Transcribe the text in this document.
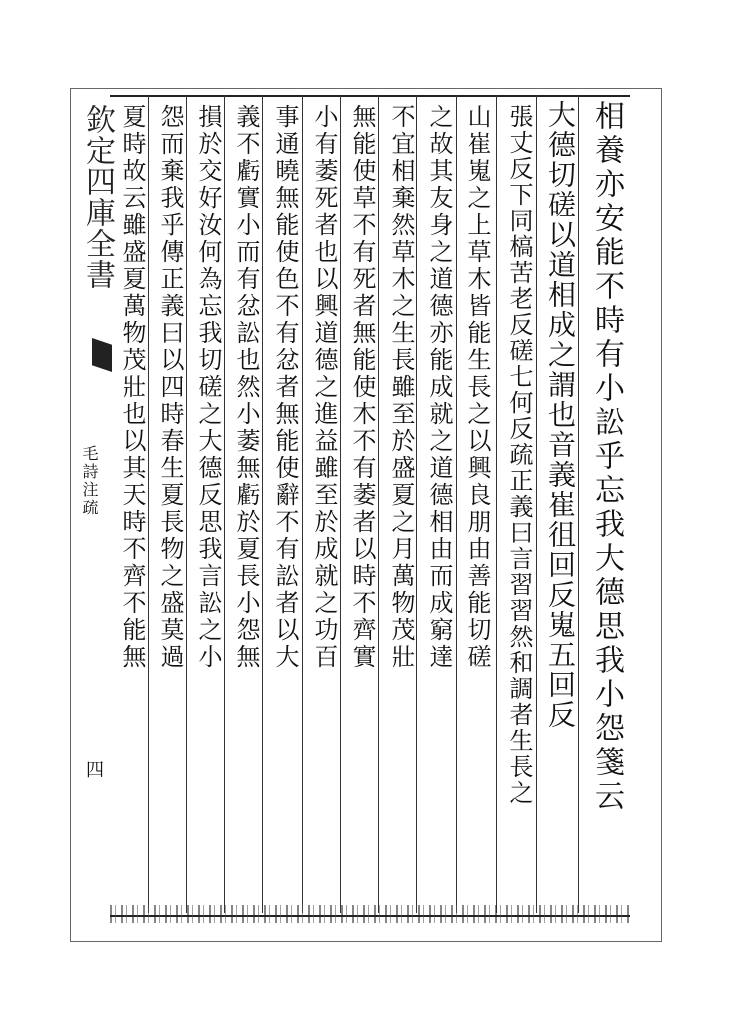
欽定四庫全書
毛詩注疏
四	相養亦安能不時有小訟乎忘我大德思我小怨箋云
大德切磋以道相成之謂也音義崔徂回反嵬五回反
張丈反下同槁苦老反磋七何反疏正義曰言習習然和調者生長之
山崔嵬之上草木皆能生長之以興良朋由善能切磋
之故其友身之道德亦能成就之道德相由而成窮達
不宜相棄然草木之生長雖至於盛夏之月萬物茂壯
無能使草不有死者無能使木不有萎者以時不齊實
小有萎死者也以興道德之進益雖至於成就之功百
事通曉無能使色不有忿者無能使辭不有訟者以大
義不虧實小而有忿訟也然小萎無虧於夏長小怨無
損於交好汝何為忘我切磋之大德反思我言訟之小
怨而棄我乎傳正義曰以四時春生夏長物之盛莫過
夏時故云雖盛夏萬物茂壯也以其天時不齊不能無
